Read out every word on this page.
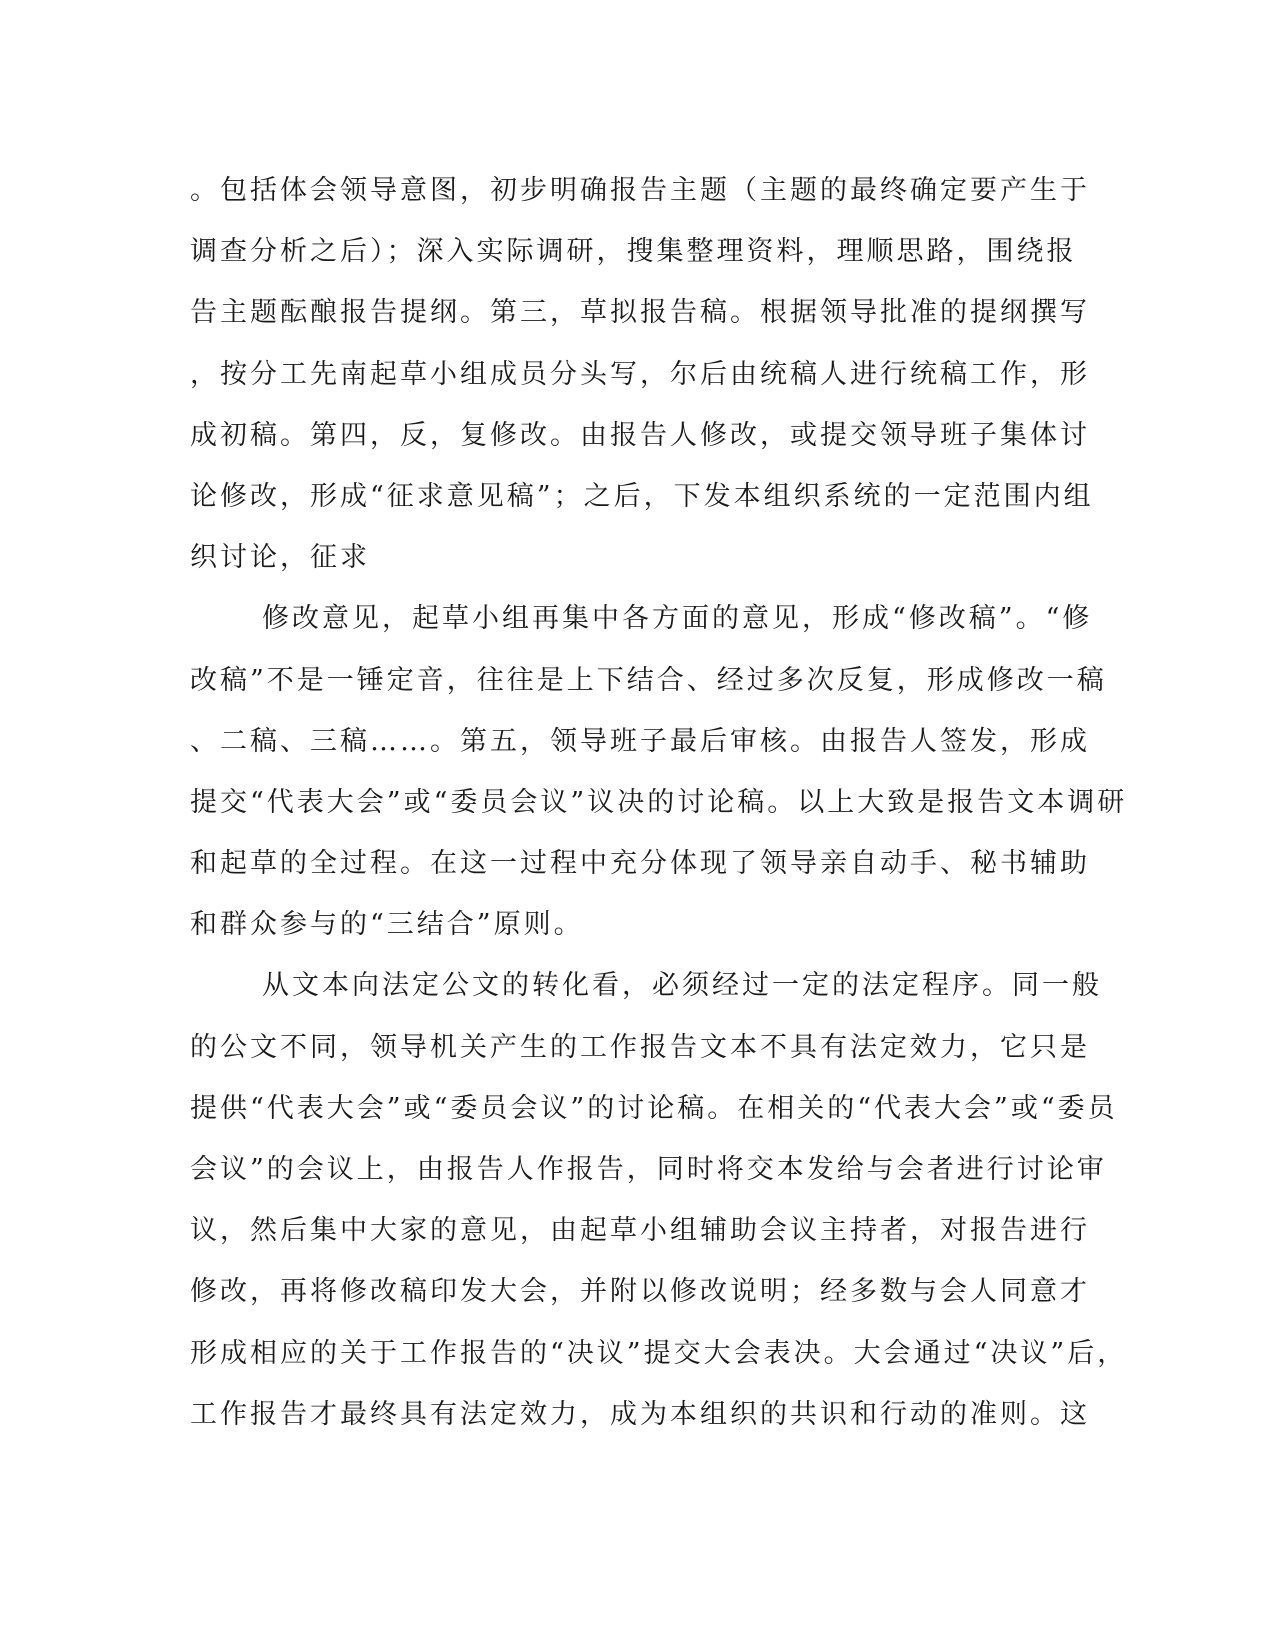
。包括体会领导意图，初步明确报告主题（主题的最终确定要产生于
调查分析之后）；深入实际调研，搜集整理资料，理顺思路，围绕报
告主题酝酿报告提纲。第三，草拟报告稿。根据领导批准的提纲撰写
，按分工先南起草小组成员分头写，尔后由统稿人进行统稿工作，形
成初稿。第四，反，复修改。由报告人修改，或提交领导班子集体讨
论修改，形成“征求意见稿”；之后，下发本组织系统的一定范围内组
织讨论，征求
修改意见，起草小组再集中各方面的意见，形成“修改稿”。“修
改稿”不是一锤定音，往往是上下结合、经过多次反复，形成修改一稿
、二稿、三稿……。第五，领导班子最后审核。由报告人签发，形成
提交“代表大会”或“委员会议”议决的讨论稿。以上大致是报告文本调研
和起草的全过程。在这一过程中充分体现了领导亲自动手、秘书辅助
和群众参与的“三结合”原则。
从文本向法定公文的转化看，必须经过一定的法定程序。同一般
的公文不同，领导机关产生的工作报告文本不具有法定效力，它只是
提供“代表大会”或“委员会议”的讨论稿。在相关的“代表大会”或“委员
会议”的会议上，由报告人作报告，同时将交本发给与会者进行讨论审
议，然后集中大家的意见，由起草小组辅助会议主持者，对报告进行
修改，再将修改稿印发大会，并附以修改说明；经多数与会人同意才
形成相应的关于工作报告的“决议”提交大会表决。大会通过“决议”后，
工作报告才最终具有法定效力，成为本组织的共识和行动的准则。这
